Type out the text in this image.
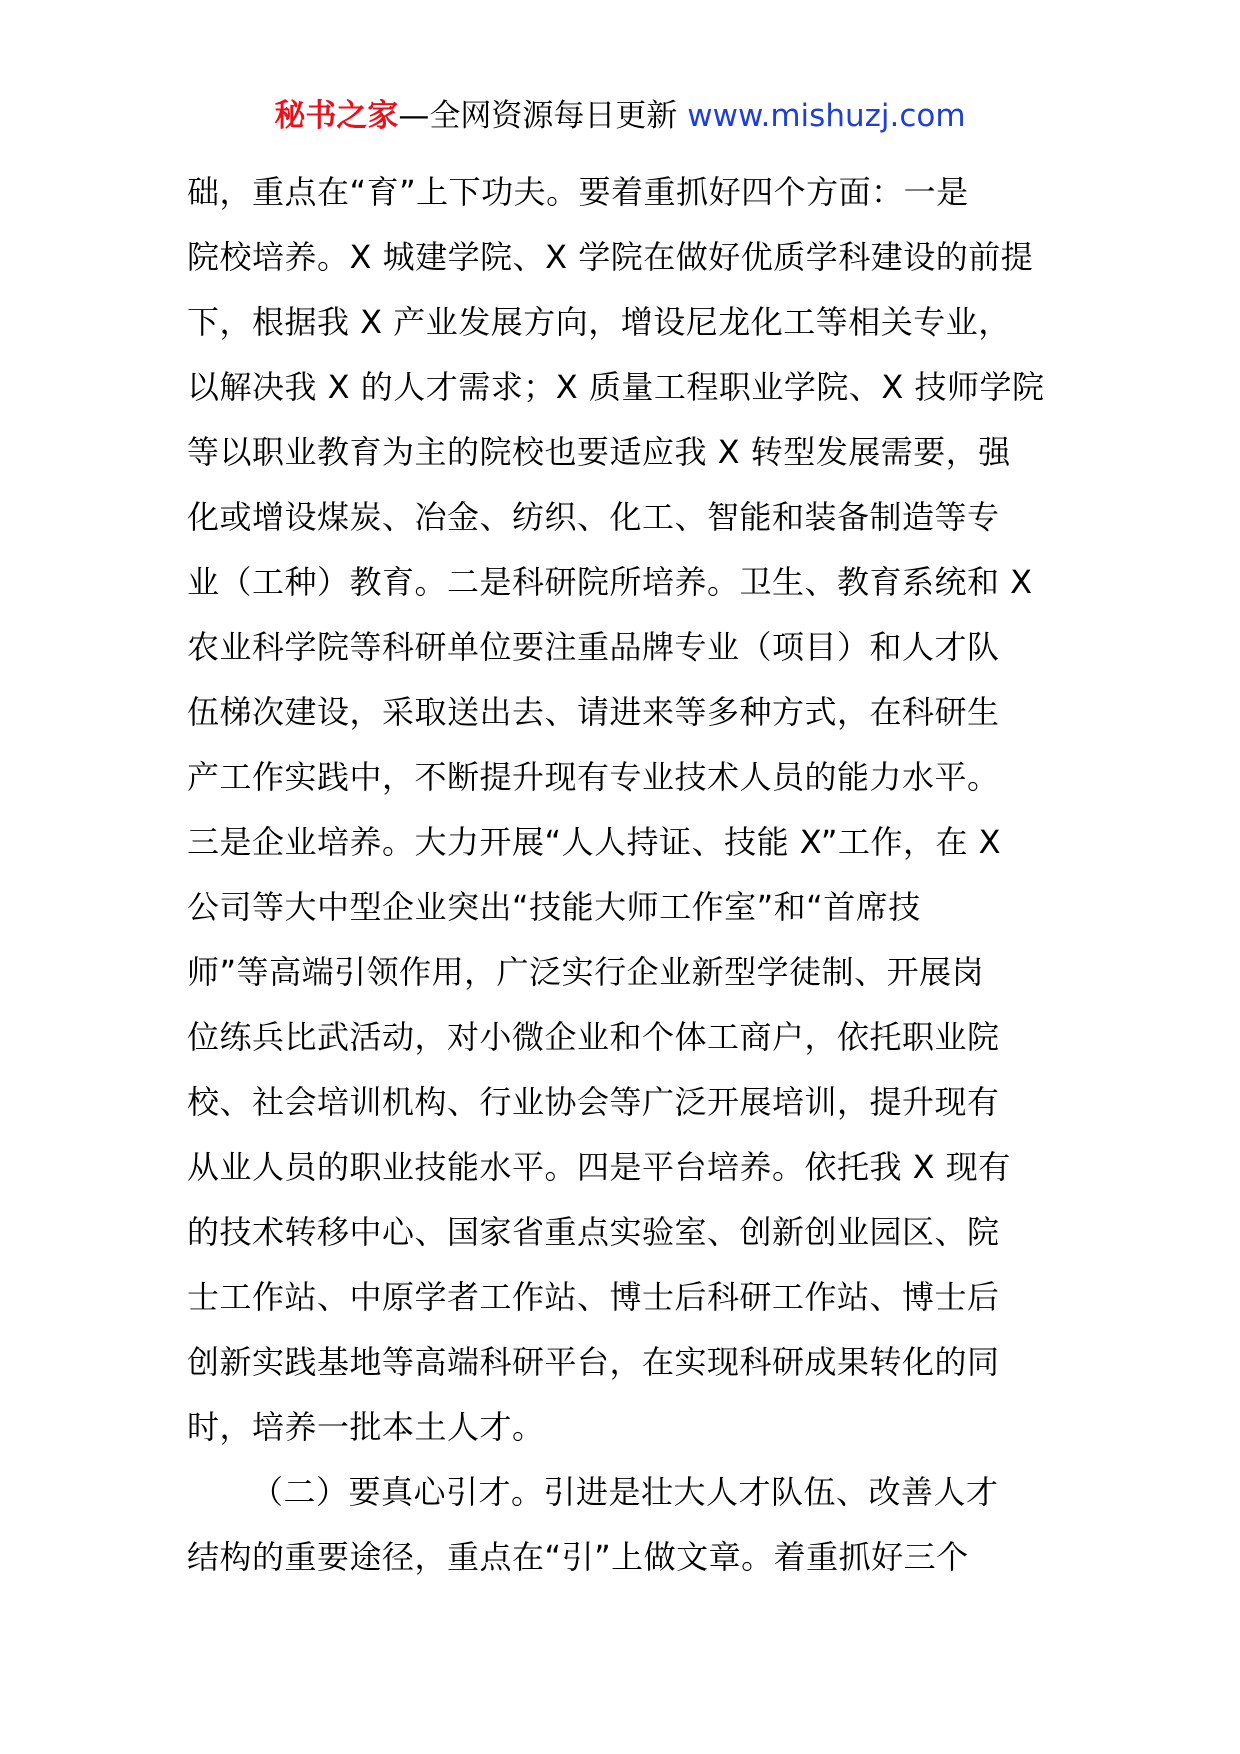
秘书之家—全网资源每日更新 www.mishuzj.com
础，重点在“育”上下功夫。要着重抓好四个方面：一是
院校培养。X 城建学院、X 学院在做好优质学科建设的前提
下，根据我 X 产业发展方向，增设尼龙化工等相关专业，
以解决我 X 的人才需求；X 质量工程职业学院、X 技师学院
等以职业教育为主的院校也要适应我 X 转型发展需要，强
化或增设煤炭、冶金、纺织、化工、智能和装备制造等专
业（工种）教育。二是科研院所培养。卫生、教育系统和 X
农业科学院等科研单位要注重品牌专业（项目）和人才队
伍梯次建设，采取送出去、请进来等多种方式，在科研生
产工作实践中，不断提升现有专业技术人员的能力水平。
三是企业培养。大力开展“人人持证、技能 X”工作，在 X
公司等大中型企业突出“技能大师工作室”和“首席技
师”等高端引领作用，广泛实行企业新型学徒制、开展岗
位练兵比武活动，对小微企业和个体工商户，依托职业院
校、社会培训机构、行业协会等广泛开展培训，提升现有
从业人员的职业技能水平。四是平台培养。依托我 X 现有
的技术转移中心、国家省重点实验室、创新创业园区、院
士工作站、中原学者工作站、博士后科研工作站、博士后
创新实践基地等高端科研平台，在实现科研成果转化的同
时，培养一批本土人才。
（二）要真心引才。引进是壮大人才队伍、改善人才
结构的重要途径，重点在“引”上做文章。着重抓好三个
